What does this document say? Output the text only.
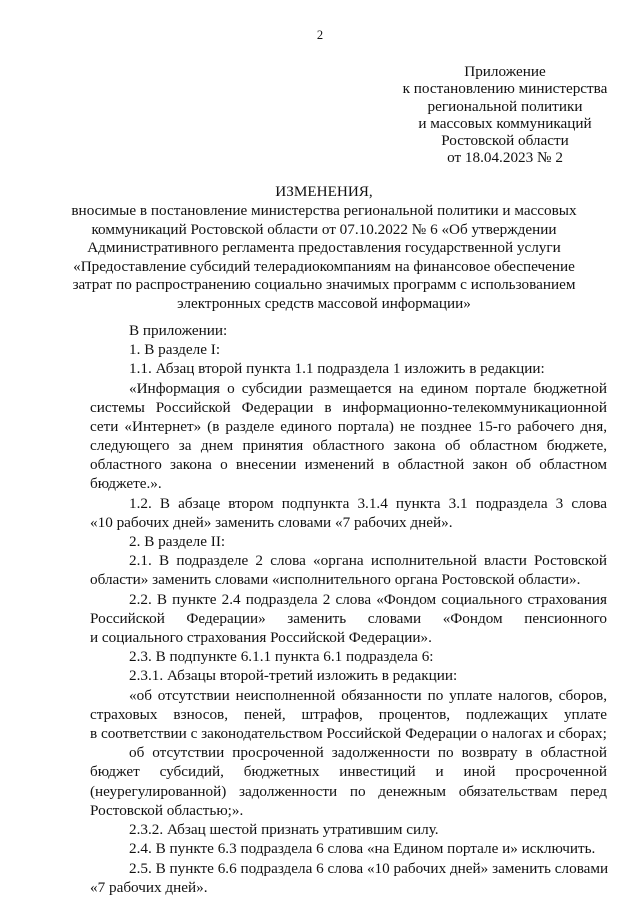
2
Приложение
к постановлению министерства
региональной политики
и массовых коммуникаций
Ростовской области
от 18.04.2023 № 2
ИЗМЕНЕНИЯ,
вносимые в постановление министерства региональной политики и массовых
коммуникаций Ростовской области от 07.10.2022 № 6 «Об утверждении
Административного регламента предоставления государственной услуги
«Предоставление субсидий телерадиокомпаниям на финансовое обеспечение
затрат по распространению социально значимых программ с использованием
электронных средств массовой информации»
В приложении:
1. В разделе I:
1.1. Абзац второй пункта 1.1 подраздела 1 изложить в редакции:
«Информация о субсидии размещается на едином портале бюджетной
системы Российской Федерации в информационно-телекоммуникационной
сети «Интернет» (в разделе единого портала) не позднее 15-го рабочего дня,
следующего за днем принятия областного закона об областном бюджете,
областного закона о внесении изменений в областной закон об областном
бюджете.».
1.2. В абзаце втором подпункта 3.1.4 пункта 3.1 подраздела 3 слова
«10 рабочих дней» заменить словами «7 рабочих дней».
2. В разделе II:
2.1. В подразделе 2 слова «органа исполнительной власти Ростовской
области» заменить словами «исполнительного органа Ростовской области».
2.2. В пункте 2.4 подраздела 2 слова «Фондом социального страхования
Российской Федерации» заменить словами «Фондом пенсионного
и социального страхования Российской Федерации».
2.3. В подпункте 6.1.1 пункта 6.1 подраздела 6:
2.3.1. Абзацы второй-третий изложить в редакции:
«об отсутствии неисполненной обязанности по уплате налогов, сборов,
страховых взносов, пеней, штрафов, процентов, подлежащих уплате
в соответствии с законодательством Российской Федерации о налогах и сборах;
об отсутствии просроченной задолженности по возврату в областной
бюджет субсидий, бюджетных инвестиций и иной просроченной
(неурегулированной) задолженности по денежным обязательствам перед
Ростовской областью;».
2.3.2. Абзац шестой признать утратившим силу.
2.4. В пункте 6.3 подраздела 6 слова «на Едином портале и» исключить.
2.5. В пункте 6.6 подраздела 6 слова «10 рабочих дней» заменить словами
«7 рабочих дней».
